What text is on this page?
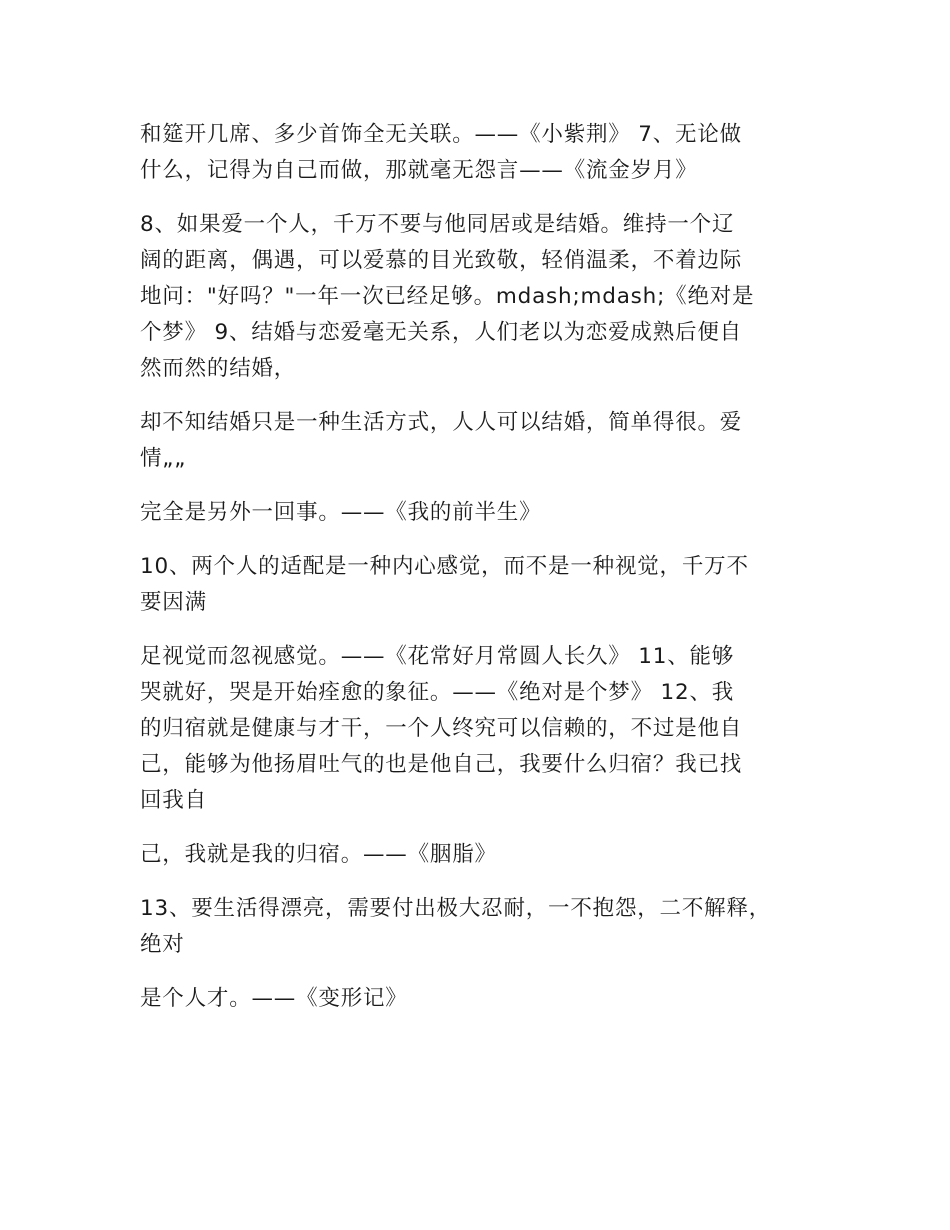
和筵开几席、多少首饰全无关联。——《小紫荆》 7、无论做
什么，记得为自己而做，那就毫无怨言——《流金岁月》

8、如果爱一个人，千万不要与他同居或是结婚。维持一个辽
阔的距离，偶遇，可以爱慕的目光致敬，轻俏温柔，不着边际
地问："好吗？"一年一次已经足够。mdash;mdash;《绝对是
个梦》 9、结婚与恋爱毫无关系，人们老以为恋爱成熟后便自
然而然的结婚，

却不知结婚只是一种生活方式，人人可以结婚，简单得很。爱
情„„

完全是另外一回事。——《我的前半生》

10、两个人的适配是一种内心感觉，而不是一种视觉，千万不
要因满

足视觉而忽视感觉。——《花常好月常圆人长久》 11、能够
哭就好，哭是开始痊愈的象征。——《绝对是个梦》 12、我
的归宿就是健康与才干，一个人终究可以信赖的，不过是他自
己，能够为他扬眉吐气的也是他自己，我要什么归宿？我已找
回我自

己，我就是我的归宿。——《胭脂》

13、要生活得漂亮，需要付出极大忍耐，一不抱怨，二不解释，
绝对

是个人才。——《变形记》
